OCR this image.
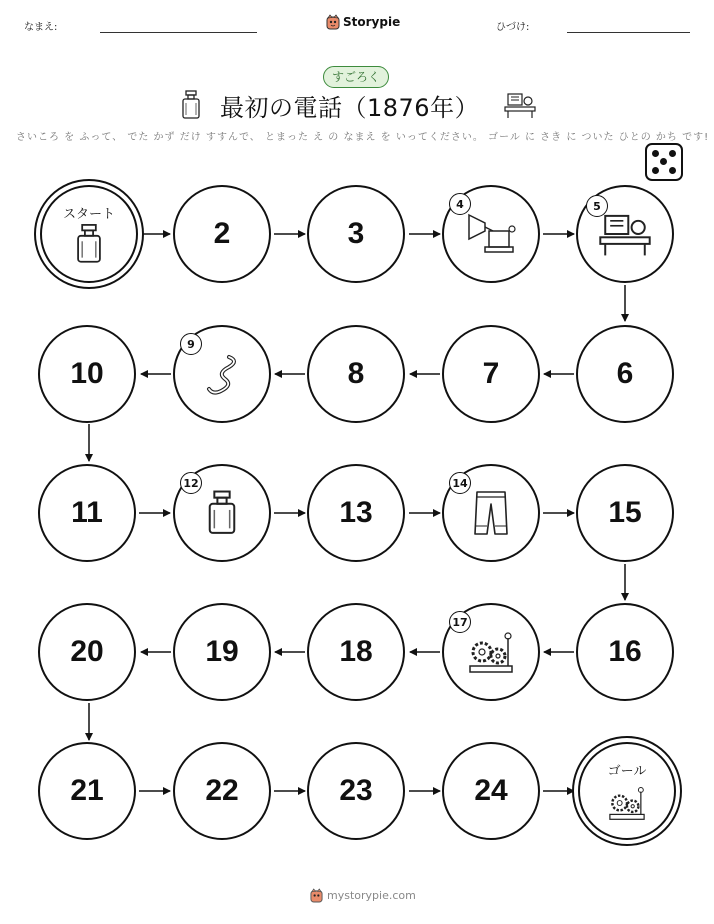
なまえ:	Storypie	ひづけ:
すごろく
最初の電話（1876年）
さいころ を ふって、 でた かず だけ すすんで、 とまった え の なまえ を いってください。 ゴール に さき に ついた ひとの かち です!
スタート
2	3
4	5
6
7
8
9
10
11
12
13
14
15
16
17
18
19
20
21	22	23	24
ゴール
mystorypie.com
